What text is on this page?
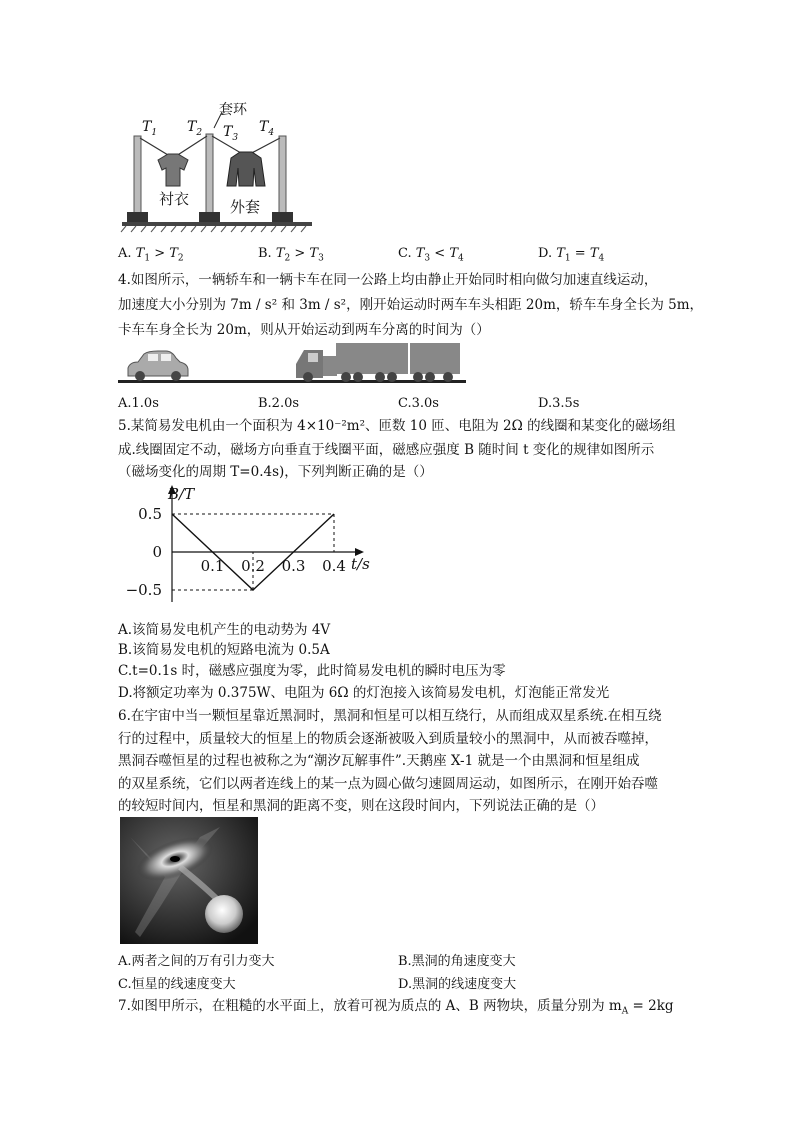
套环
$T_1$ $T_2$ $T_3$
$T_4$
衬衣	外套
A. $T_1 > T_2$	B. $T_2 > T_3$	C. $T_3 < T_4$	D. $T_1 = T_4$
4.如图所示，一辆轿车和一辆卡车在同一公路上均由静止开始同时相向做匀加速直线运动，
加速度大小分别为 7m / s² 和 3m / s²，刚开始运动时两车车头相距 20m，轿车车身全长为 5m，
卡车车身全长为 20m，则从开始运动到两车分离的时间为（）
A.1.0s	B.2.0s	C.3.0s	D.3.5s
5.某简易发电机由一个面积为 4×10⁻²m²、匝数 10 匝、电阻为 2Ω 的线圈和某变化的磁场组
成.线圈固定不动，磁场方向垂直于线圈平面，磁感应强度 B 随时间 t 变化的规律如图所示
（磁场变化的周期 T=0.4s)，下列判断正确的是（）
0.1 0.2 0.3 0.4
0.5
0
−0.5
B/T
t/s
A.该简易发电机产生的电动势为 4V
B.该简易发电机的短路电流为 0.5A
C.t=0.1s 时，磁感应强度为零，此时简易发电机的瞬时电压为零
D.将额定功率为 0.375W、电阻为 6Ω 的灯泡接入该简易发电机，灯泡能正常发光
6.在宇宙中当一颗恒星靠近黑洞时，黑洞和恒星可以相互绕行，从而组成双星系统.在相互绕
行的过程中，质量较大的恒星上的物质会逐渐被吸入到质量较小的黑洞中，从而被吞噬掉，
黑洞吞噬恒星的过程也被称之为“潮汐瓦解事件”.天鹅座 X-1 就是一个由黑洞和恒星组成
的双星系统，它们以两者连线上的某一点为圆心做匀速圆周运动，如图所示，在刚开始吞噬
的较短时间内，恒星和黑洞的距离不变，则在这段时间内，下列说法正确的是（）
A.两者之间的万有引力变大	B.黑洞的角速度变大
C.恒星的线速度变大	D.黑洞的线速度变大
7.如图甲所示，在粗糙的水平面上，放着可视为质点的 A、B 两物块，质量分别为 $m_A = 2kg$
